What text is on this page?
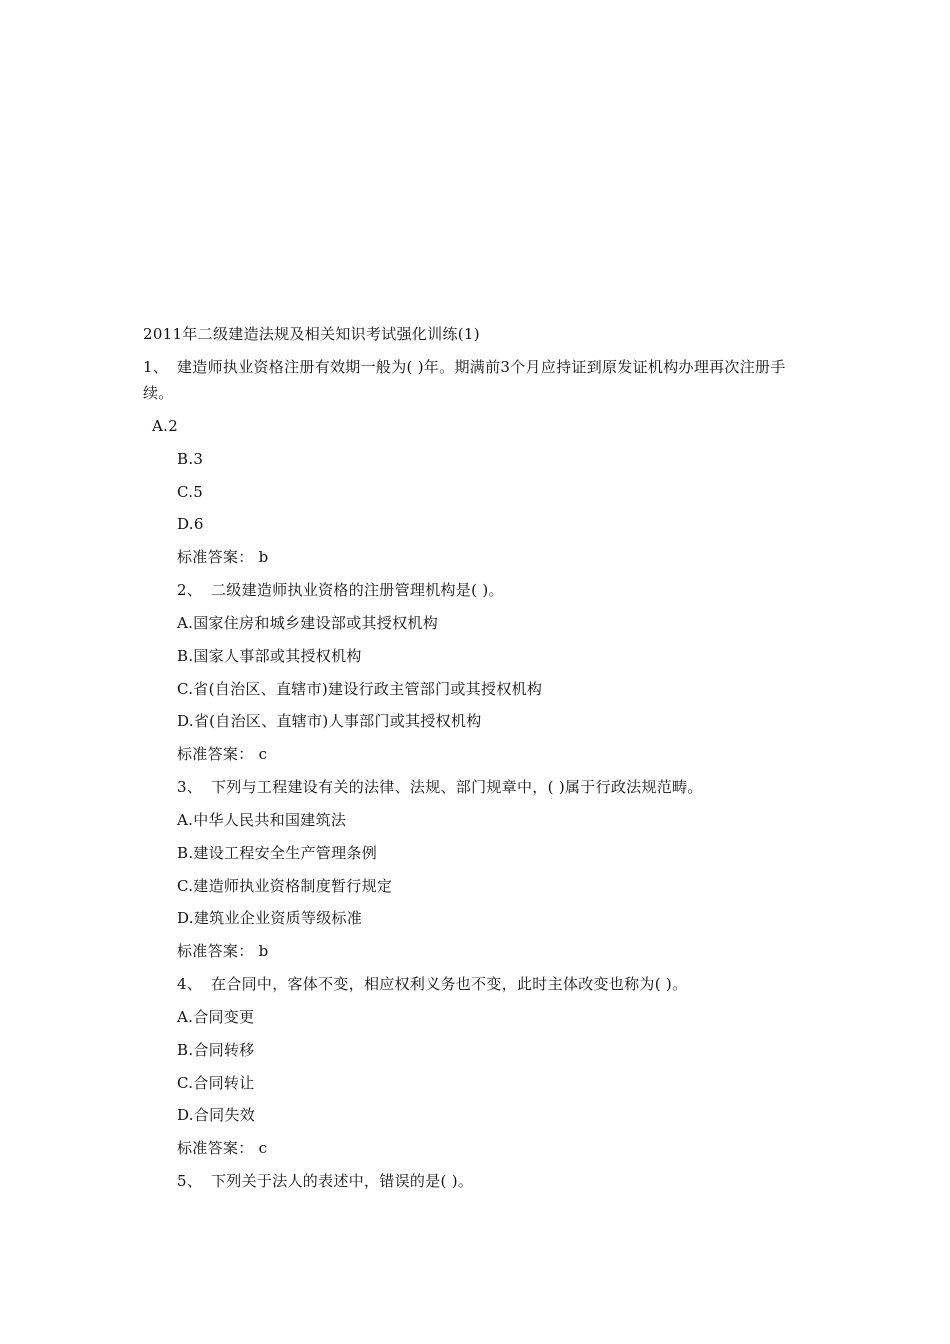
2011年二级建造法规及相关知识考试强化训练(1)
1、 建造师执业资格注册有效期一般为( )年。期满前3个月应持证到原发证机构办理再次注册手续。
A.2
B.3
C.5
D.6
标准答案： b
2、 二级建造师执业资格的注册管理机构是( )。
A.国家住房和城乡建设部或其授权机构
B.国家人事部或其授权机构
C.省(自治区、直辖市)建设行政主管部门或其授权机构
D.省(自治区、直辖市)人事部门或其授权机构
标准答案： c
3、 下列与工程建设有关的法律、法规、部门规章中，( )属于行政法规范畴。
A.中华人民共和国建筑法
B.建设工程安全生产管理条例
C.建造师执业资格制度暂行规定
D.建筑业企业资质等级标准
标准答案： b
4、 在合同中，客体不变，相应权利义务也不变，此时主体改变也称为( )。
A.合同变更
B.合同转移
C.合同转让
D.合同失效
标准答案： c
5、 下列关于法人的表述中，错误的是( )。
